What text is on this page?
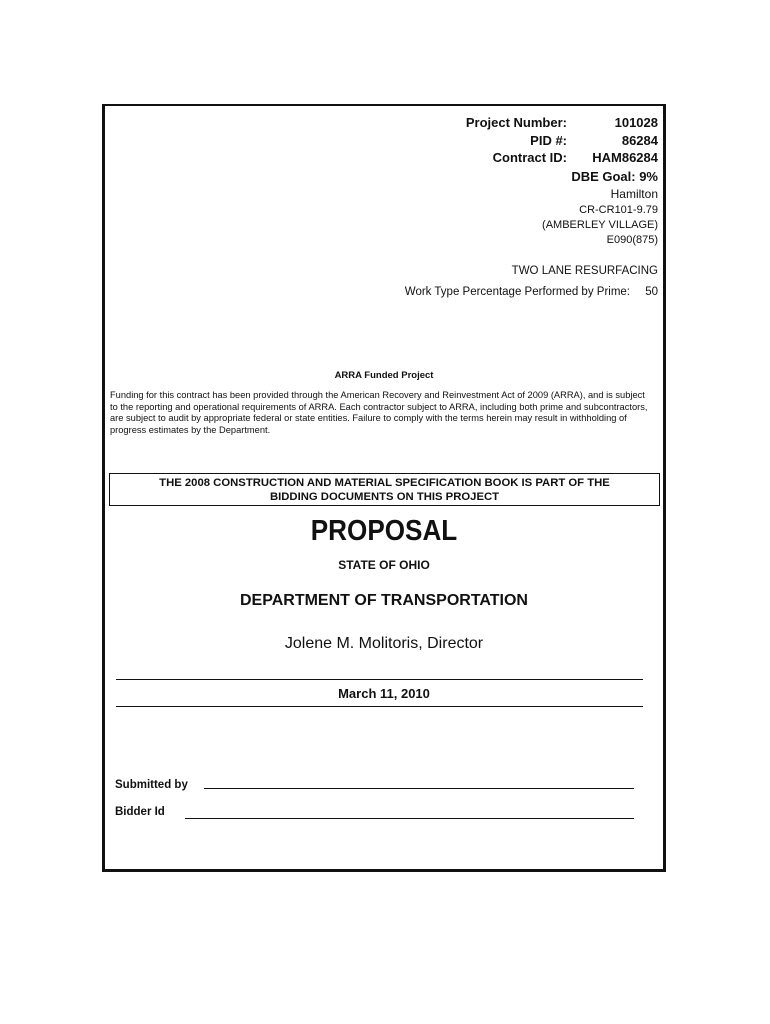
Project Number:	101028
PID #:	86284
Contract ID: HAM86284
DBE Goal: 9%
Hamilton
CR-CR101-9.79
(AMBERLEY VILLAGE)
E090(875)
TWO LANE RESURFACING
Work Type Percentage Performed by Prime: 50
ARRA Funded Project
Funding for this contract has been provided through the American Recovery and Reinvestment Act of 2009 (ARRA), and is subject to the reporting and operational requirements of ARRA. Each contractor subject to ARRA, including both prime and subcontractors, are subject to audit by appropriate federal or state entities. Failure to comply with the terms herein may result in withholding of progress estimates by the Department.
THE 2008 CONSTRUCTION AND MATERIAL SPECIFICATION BOOK IS PART OF THE
BIDDING DOCUMENTS ON THIS PROJECT
PROPOSAL
STATE OF OHIO
DEPARTMENT OF TRANSPORTATION
Jolene M. Molitoris, Director
March 11, 2010
Submitted by
Bidder Id
